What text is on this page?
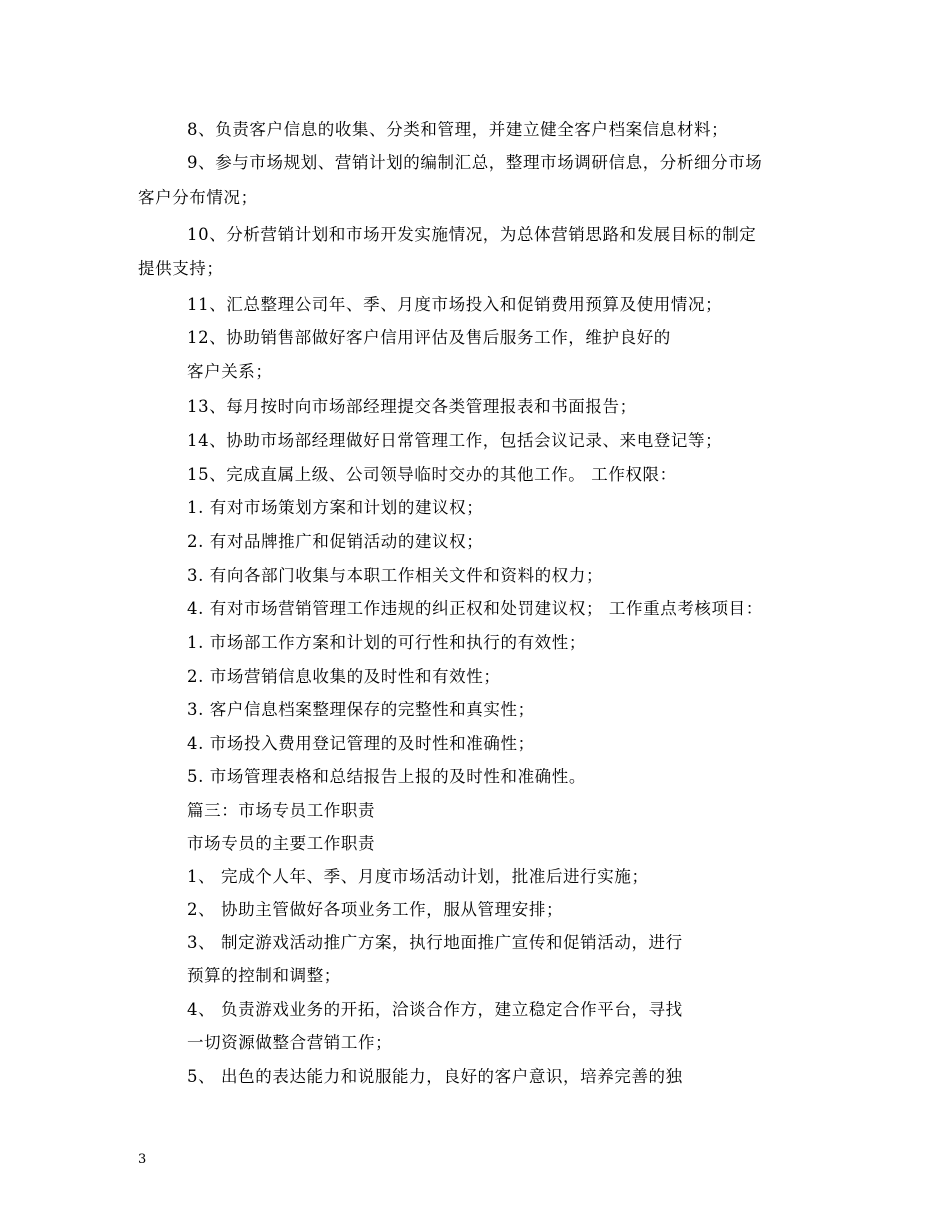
8、负责客户信息的收集、分类和管理，并建立健全客户档案信息材料；
9、参与市场规划、营销计划的编制汇总，整理市场调研信息，分析细分市场
客户分布情况；
10、分析营销计划和市场开发实施情况，为总体营销思路和发展目标的制定
提供支持；
11、汇总整理公司年、季、月度市场投入和促销费用预算及使用情况；
12、协助销售部做好客户信用评估及售后服务工作，维护良好的
客户关系；
13、每月按时向市场部经理提交各类管理报表和书面报告；
14、协助市场部经理做好日常管理工作，包括会议记录、来电登记等；
15、完成直属上级、公司领导临时交办的其他工作。 工作权限：
1. 有对市场策划方案和计划的建议权；
2. 有对品牌推广和促销活动的建议权；
3. 有向各部门收集与本职工作相关文件和资料的权力；
4. 有对市场营销管理工作违规的纠正权和处罚建议权； 工作重点考核项目：
1. 市场部工作方案和计划的可行性和执行的有效性；
2. 市场营销信息收集的及时性和有效性；
3. 客户信息档案整理保存的完整性和真实性；
4. 市场投入费用登记管理的及时性和准确性；
5. 市场管理表格和总结报告上报的及时性和准确性。
篇三：市场专员工作职责
市场专员的主要工作职责
1、 完成个人年、季、月度市场活动计划，批准后进行实施；
2、 协助主管做好各项业务工作，服从管理安排；
3、 制定游戏活动推广方案，执行地面推广宣传和促销活动，进行
预算的控制和调整；
4、 负责游戏业务的开拓，洽谈合作方，建立稳定合作平台，寻找
一切资源做整合营销工作；
5、 出色的表达能力和说服能力，良好的客户意识，培养完善的独
3
